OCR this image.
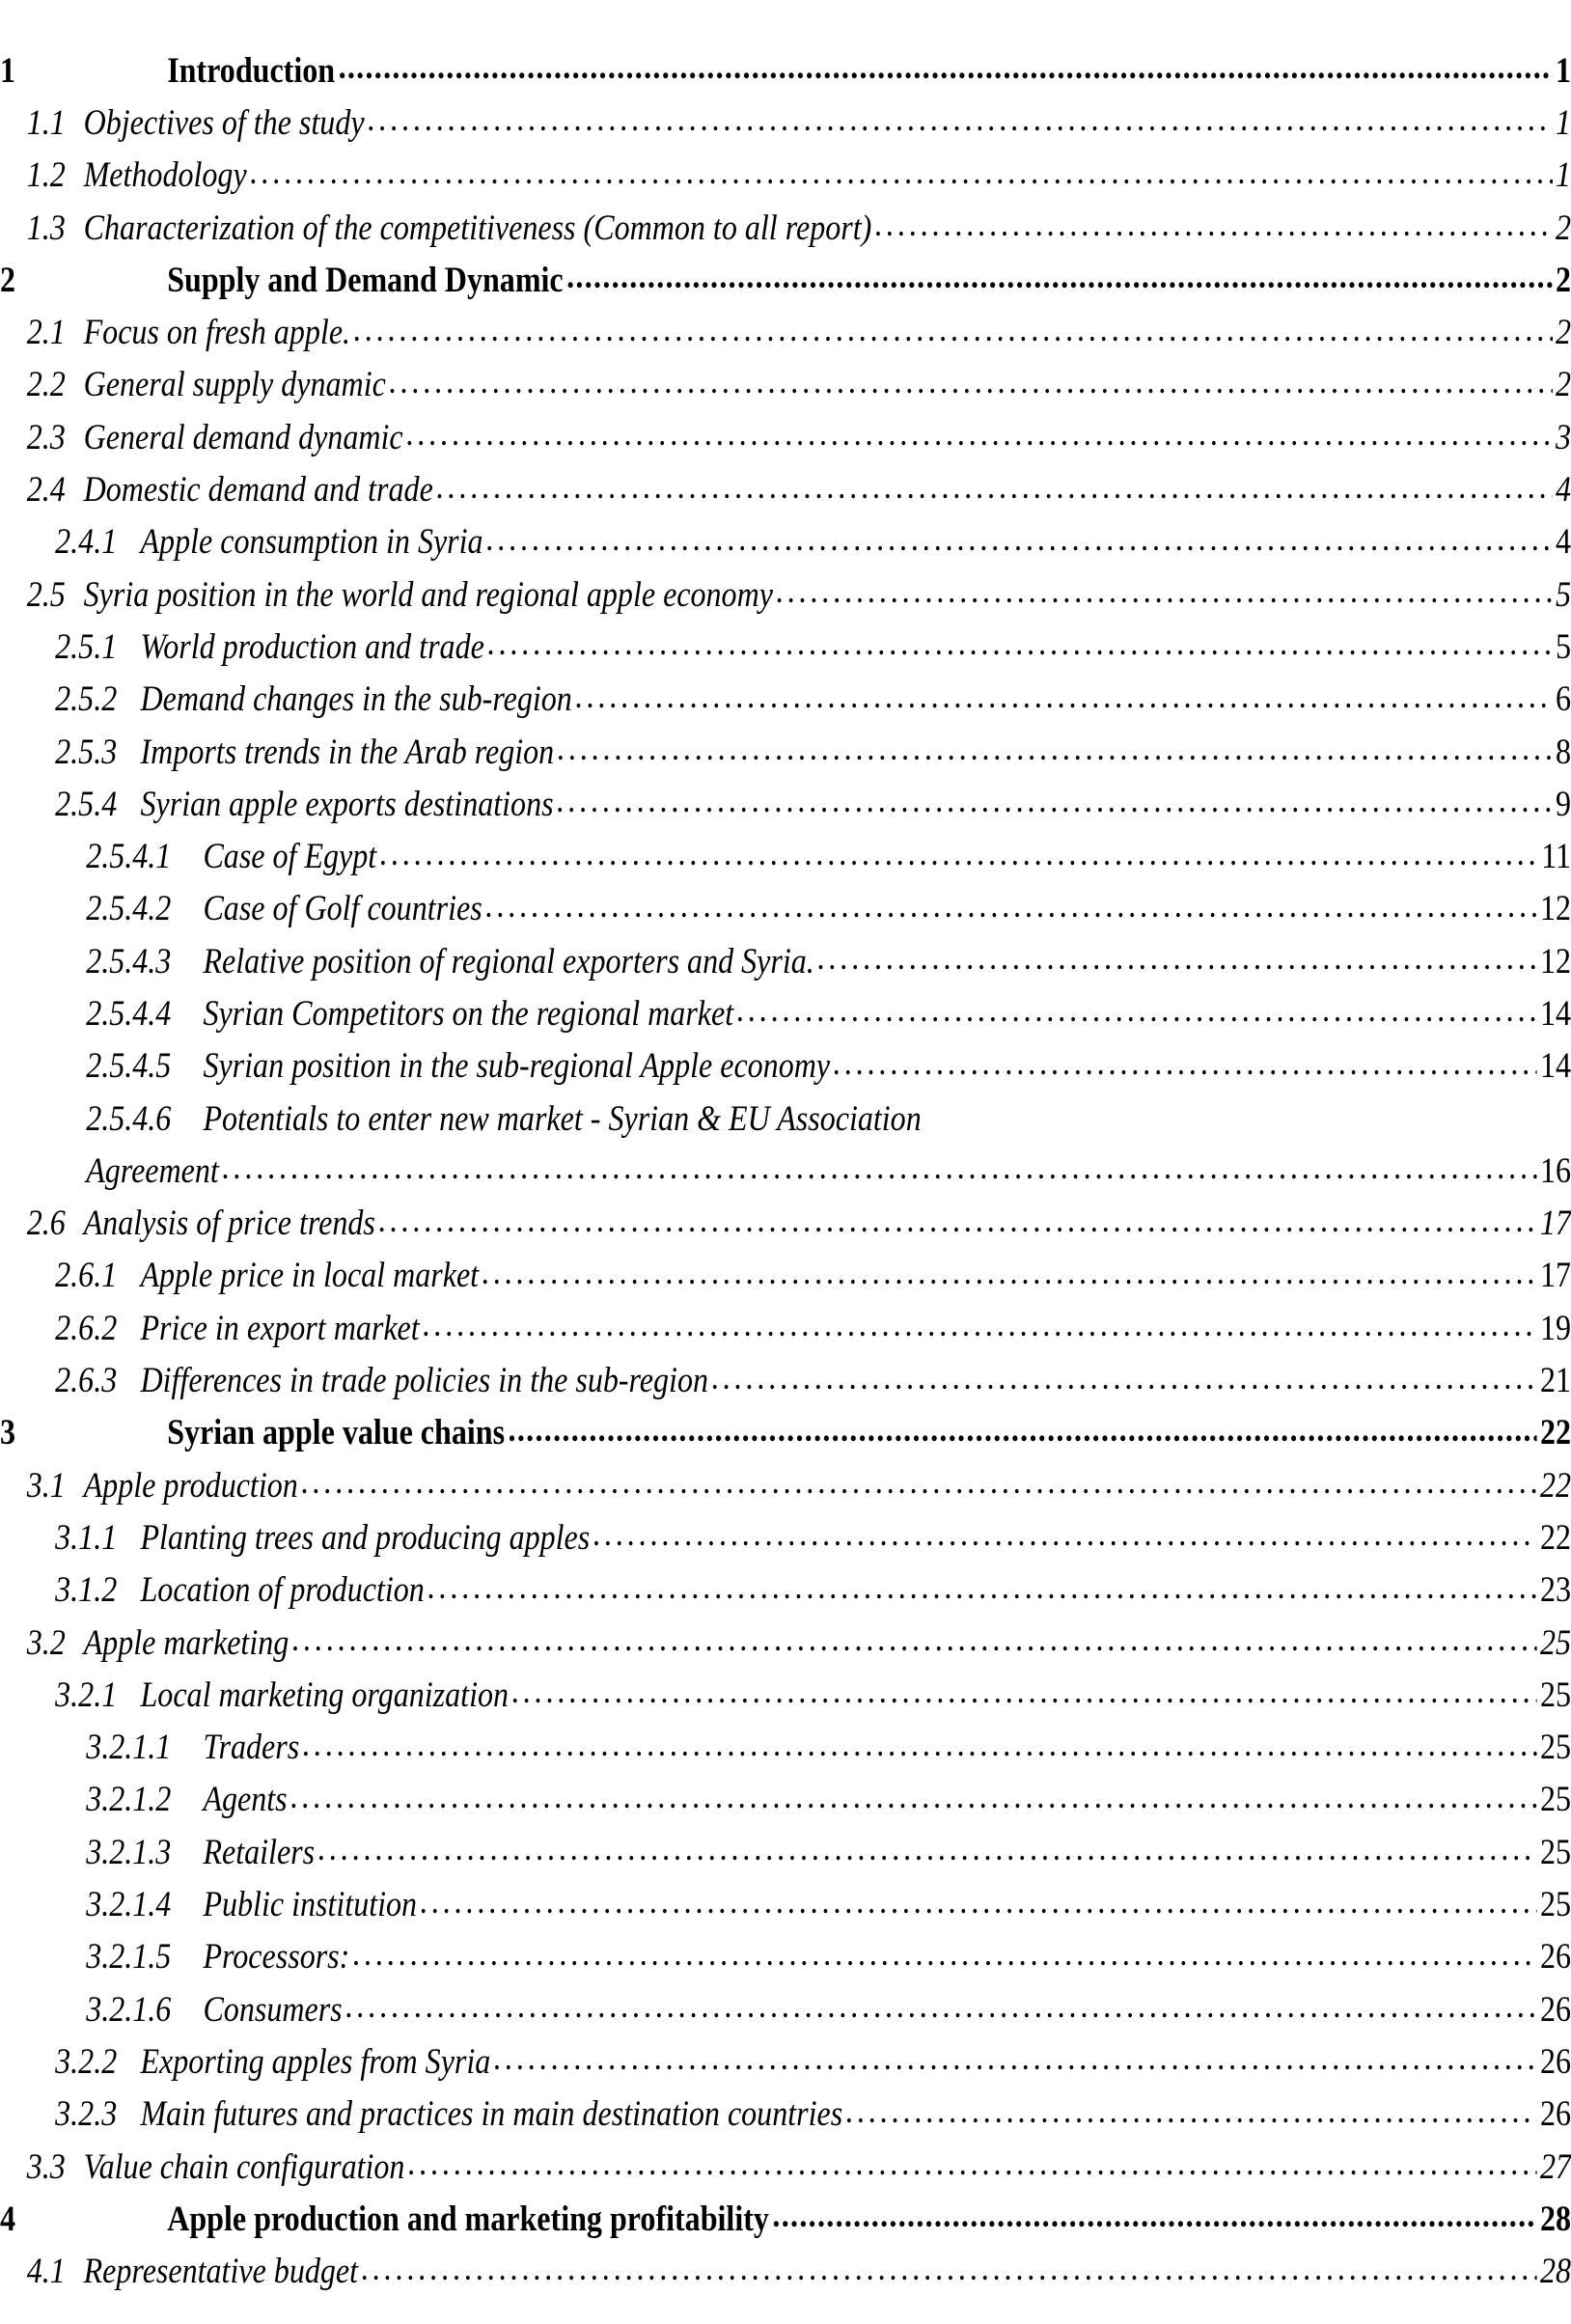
1	Introduction .....	1
1.1 Objectives of the study .....	1
1.2 Methodology .....	1
1.3 Characterization of the competitiveness (Common to all report) .....	2
2	Supply and Demand Dynamic .....	2
2.1 Focus on fresh apple. .....	2
2.2 General supply dynamic .....	2
2.3 General demand dynamic .....	3
2.4 Domestic demand and trade .....	4
2.4.1 Apple consumption in Syria .....	4
2.5 Syria position in the world and regional apple economy .....	5
2.5.1 World production and trade .....	5
2.5.2 Demand changes in the sub-region .....	6
2.5.3 Imports trends in the Arab region .....	8
2.5.4 Syrian apple exports destinations .....	9
2.5.4.1 Case of Egypt .....	11
2.5.4.2 Case of Golf countries .....	12
2.5.4.3 Relative position of regional exporters and Syria. .....	12
2.5.4.4 Syrian Competitors on the regional market .....	14
2.5.4.5 Syrian position in the sub-regional Apple economy .....	14
2.5.4.6 Potentials to enter new market - Syrian & EU Association
Agreement .....	16
2.6 Analysis of price trends .....	17
2.6.1 Apple price in local market .....	17
2.6.2 Price in export market .....	19
2.6.3 Differences in trade policies in the sub-region .....	21
3	Syrian apple value chains .....	22
3.1 Apple production .....	22
3.1.1 Planting trees and producing apples .....	22
3.1.2 Location of production .....	23
3.2 Apple marketing .....	25
3.2.1 Local marketing organization .....	25
3.2.1.1 Traders .....	25
3.2.1.2 Agents .....	25
3.2.1.3 Retailers .....	25
3.2.1.4 Public institution .....	25
3.2.1.5 Processors: .....	26
3.2.1.6 Consumers .....	26
3.2.2 Exporting apples from Syria .....	26
3.2.3 Main futures and practices in main destination countries .....	26
3.3 Value chain configuration .....	27
4	Apple production and marketing profitability .....	28
4.1 Representative budget .....	28
